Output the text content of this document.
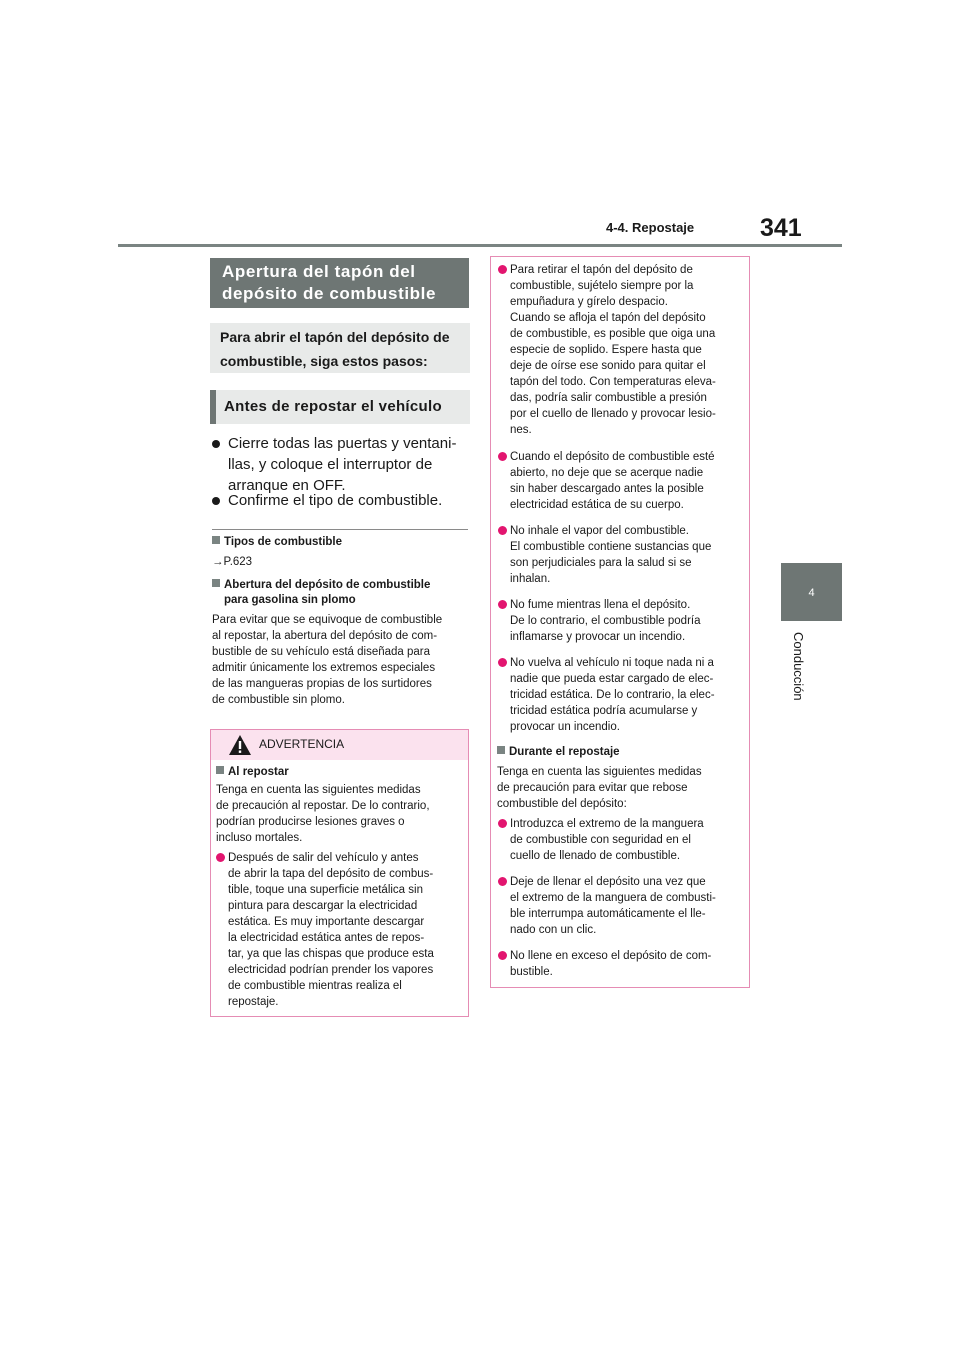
4-4. Repostaje	341
4
Conducción
Apertura del tapón del
depósito de combustible
Para abrir el tapón del depósito de
combustible, siga estos pasos:
Antes de repostar el vehículo
Cierre todas las puertas y ventani-
llas, y coloque el interruptor de
arranque en OFF.
Confirme el tipo de combustible.
Tipos de combustible
→P.623
Abertura del depósito de combustible
para gasolina sin plomo
Para evitar que se equivoque de combustible
al repostar, la abertura del depósito de com-
bustible de su vehículo está diseñada para
admitir únicamente los extremos especiales
de las mangueras propias de los surtidores
de combustible sin plomo.
ADVERTENCIA
Al repostar
Tenga en cuenta las siguientes medidas
de precaución al repostar. De lo contrario,
podrían producirse lesiones graves o
incluso mortales.
Después de salir del vehículo y antes
de abrir la tapa del depósito de combus-
tible, toque una superficie metálica sin
pintura para descargar la electricidad
estática. Es muy importante descargar
la electricidad estática antes de repos-
tar, ya que las chispas que produce esta
electricidad podrían prender los vapores
de combustible mientras realiza el
repostaje.
Para retirar el tapón del depósito de
combustible, sujételo siempre por la
empuñadura y gírelo despacio.
Cuando se afloja el tapón del depósito
de combustible, es posible que oiga una
especie de soplido. Espere hasta que
deje de oírse ese sonido para quitar el
tapón del todo. Con temperaturas eleva-
das, podría salir combustible a presión
por el cuello de llenado y provocar lesio-
nes.
Cuando el depósito de combustible esté
abierto, no deje que se acerque nadie
sin haber descargado antes la posible
electricidad estática de su cuerpo.
No inhale el vapor del combustible.
El combustible contiene sustancias que
son perjudiciales para la salud si se
inhalan.
No fume mientras llena el depósito.
De lo contrario, el combustible podría
inflamarse y provocar un incendio.
No vuelva al vehículo ni toque nada ni a
nadie que pueda estar cargado de elec-
tricidad estática. De lo contrario, la elec-
tricidad estática podría acumularse y
provocar un incendio.
Durante el repostaje
Tenga en cuenta las siguientes medidas
de precaución para evitar que rebose
combustible del depósito:
Introduzca el extremo de la manguera
de combustible con seguridad en el
cuello de llenado de combustible.
Deje de llenar el depósito una vez que
el extremo de la manguera de combusti-
ble interrumpa automáticamente el lle-
nado con un clic.
No llene en exceso el depósito de com-
bustible.
